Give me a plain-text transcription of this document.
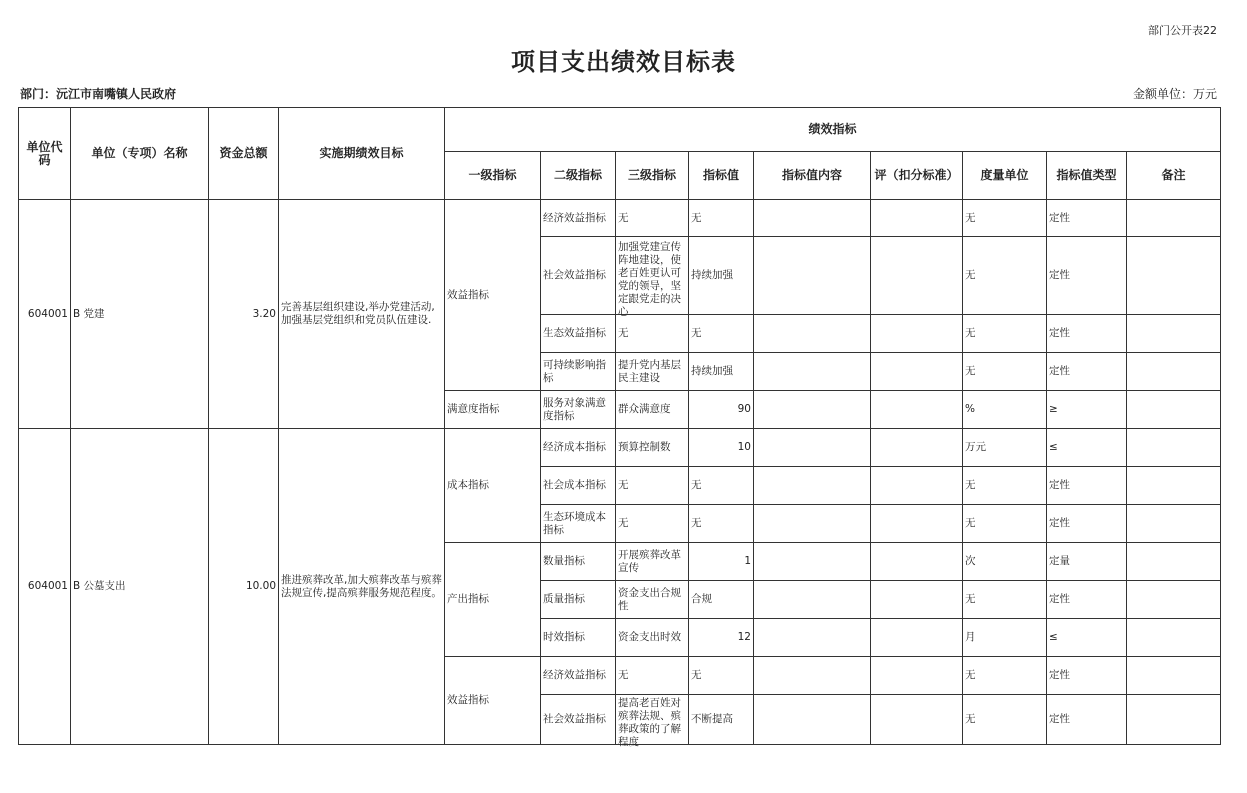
部门公开表22
项目支出绩效目标表
部门：沅江市南嘴镇人民政府	金额单位：万元
单位代码	单位（专项）名称	资金总额	实施期绩效目标	绩效指标								
				一级指标	二级指标	三级指标	指标值	指标值内容	评（扣分标准）	度量单位	指标值类型	备注
604001	B 党建	3.20	完善基层组织建设,举办党建活动,加强基层党组织和党员队伍建设.	效益指标	经济效益指标	无	无			无	定性	
					社会效益指标	加强党建宣传阵地建设，使老百姓更认可党的领导，坚定跟党走的决心	持续加强			无	定性	
					生态效益指标	无	无			无	定性	
					可持续影响指标	提升党内基层民主建设	持续加强			无	定性	
				满意度指标	服务对象满意度指标	群众满意度	90			%	≥	
604001	B 公墓支出	10.00	推进殡葬改革,加大殡葬改革与殡葬法规宣传,提高殡葬服务规范程度。	成本指标	经济成本指标	预算控制数	10			万元	≤	
					社会成本指标	无	无			无	定性	
					生态环境成本指标	无	无			无	定性	
				产出指标	数量指标	开展殡葬改革宣传	1			次	定量	
					质量指标	资金支出合规性	合规			无	定性	
					时效指标	资金支出时效	12			月	≤	
				效益指标	经济效益指标	无	无			无	定性	
					社会效益指标	提高老百姓对殡葬法规、殡葬政策的了解程度	不断提高			无	定性	
